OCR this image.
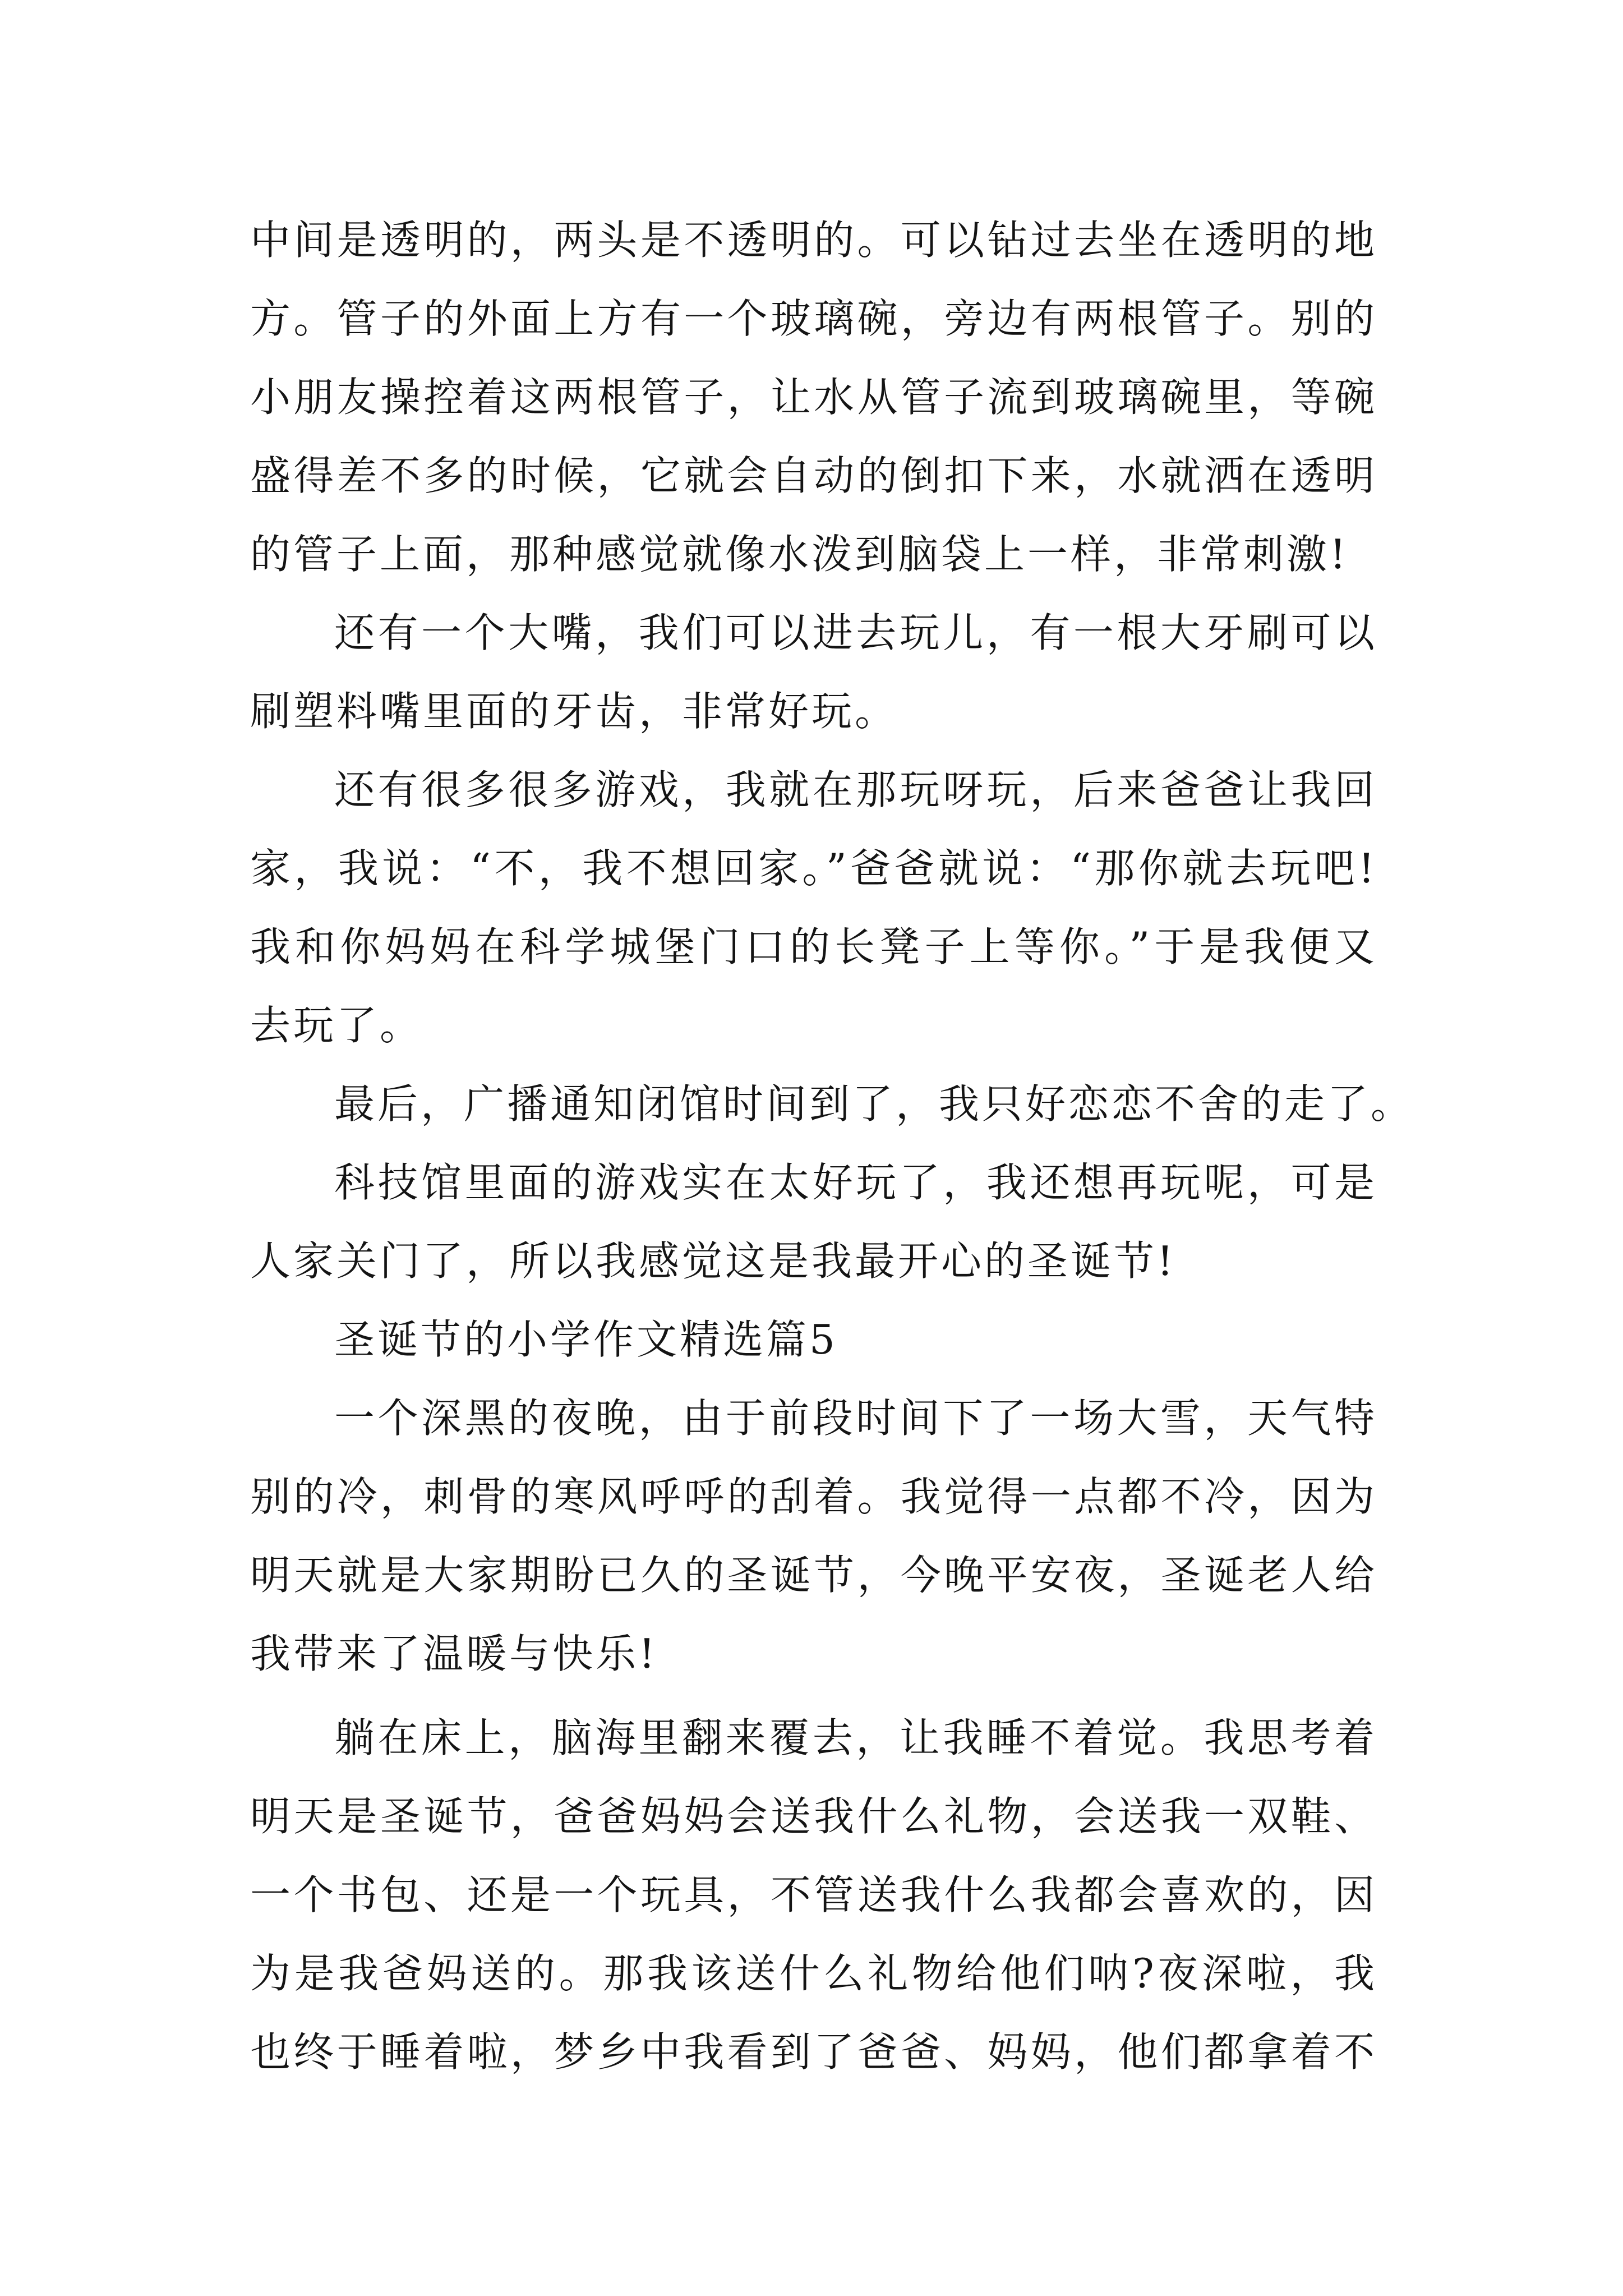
中间是透明的，两头是不透明的。可以钻过去坐在透明的地
方。管子的外面上方有一个玻璃碗，旁边有两根管子。别的
小朋友操控着这两根管子，让水从管子流到玻璃碗里，等碗
盛得差不多的时候，它就会自动的倒扣下来，水就洒在透明
的管子上面，那种感觉就像水泼到脑袋上一样，非常刺激!
还有一个大嘴，我们可以进去玩儿，有一根大牙刷可以
刷塑料嘴里面的牙齿，非常好玩。
还有很多很多游戏，我就在那玩呀玩，后来爸爸让我回
家，我说：“不，我不想回家。”爸爸就说：“那你就去玩吧!
我和你妈妈在科学城堡门口的长凳子上等你。”于是我便又
去玩了。
最后，广播通知闭馆时间到了，我只好恋恋不舍的走了。
科技馆里面的游戏实在太好玩了，我还想再玩呢，可是
人家关门了，所以我感觉这是我最开心的圣诞节!
圣诞节的小学作文精选篇5
一个深黑的夜晚，由于前段时间下了一场大雪，天气特
别的冷，刺骨的寒风呼呼的刮着。我觉得一点都不冷，因为
明天就是大家期盼已久的圣诞节，今晚平安夜，圣诞老人给
我带来了温暖与快乐!
躺在床上，脑海里翻来覆去，让我睡不着觉。我思考着
明天是圣诞节，爸爸妈妈会送我什么礼物，会送我一双鞋、
一个书包、还是一个玩具，不管送我什么我都会喜欢的，因
为是我爸妈送的。那我该送什么礼物给他们呐?夜深啦，我
也终于睡着啦，梦乡中我看到了爸爸、妈妈，他们都拿着不
